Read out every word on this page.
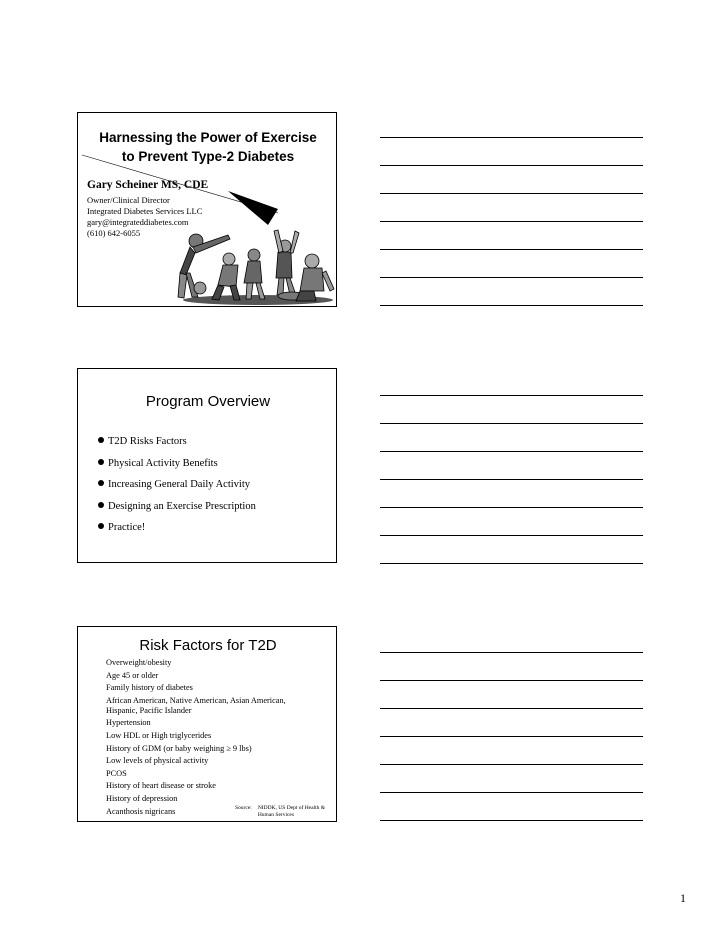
Harnessing the Power of Exercise
to Prevent Type-2 Diabetes
Gary Scheiner MS, CDE
Owner/Clinical Director
Integrated Diabetes Services LLC
gary@integrateddiabetes.com
(610) 642-6055
Program Overview
T2D Risks Factors
Physical Activity Benefits
Increasing General Daily Activity
Designing an Exercise Prescription
Practice!
Risk Factors for T2D
Overweight/obesity
Age 45 or older
Family history of diabetes
African American, Native American, Asian American, Hispanic, Pacific Islander
Hypertension
Low HDL or High triglycerides
History of GDM (or baby weighing ≥ 9 lbs)
Low levels of physical activity
PCOS
History of heart disease or stroke
History of depression
Acanthosis nigricans	Source: NIDDK, US Dept of Health & Human Services
1
